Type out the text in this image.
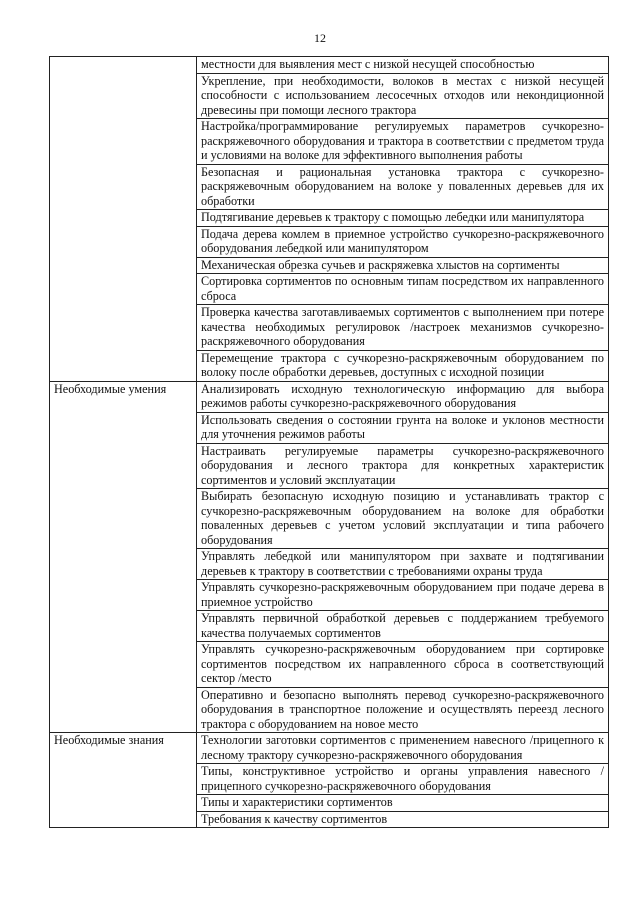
12
	местности для выявления мест с низкой несущей способностью
	Укрепление, при необходимости, волоков в местах с низкой несущей способности с использованием лесосечных отходов или некондиционной древесины при помощи лесного трактора
	Настройка/программирование регулируемых параметров сучкорезно-раскряжевочного оборудования и трактора в соответствии с предметом труда и условиями на волоке для эффективного выполнения работы
	Безопасная и рациональная установка трактора с сучкорезно-раскряжевочным оборудованием на волоке у поваленных деревьев для их обработки
	Подтягивание деревьев к трактору с помощью лебедки или манипулятора
	Подача дерева комлем в приемное устройство сучкорезно-раскряжевочного оборудования лебедкой или манипулятором
	Механическая обрезка сучьев и раскряжевка хлыстов на сортименты
	Сортировка сортиментов по основным типам посредством их направленного сброса
	Проверка качества заготавливаемых сортиментов с выполнением при потере качества необходимых регулировок /настроек механизмов сучкорезно-раскряжевочного оборудования
	Перемещение трактора с сучкорезно-раскряжевочным оборудованием по волоку после обработки деревьев, доступных с исходной позиции
Необходимые умения	Анализировать исходную технологическую информацию для выбора режимов работы сучкорезно-раскряжевочного оборудования
	Использовать сведения о состоянии грунта на волоке и уклонов местности для уточнения режимов работы
	Настраивать регулируемые параметры сучкорезно-раскряжевочного оборудования и лесного трактора для конкретных характеристик сортиментов и условий эксплуатации
	Выбирать безопасную исходную позицию и устанавливать трактор с сучкорезно-раскряжевочным оборудованием на волоке для обработки поваленных деревьев с учетом условий эксплуатации и типа рабочего оборудования
	Управлять лебедкой или манипулятором при захвате и подтягивании деревьев к трактору в соответствии с требованиями охраны труда
	Управлять сучкорезно-раскряжевочным оборудованием при подаче дерева в приемное устройство
	Управлять первичной обработкой деревьев с поддержанием требуемого качества получаемых сортиментов
	Управлять сучкорезно-раскряжевочным оборудованием при сортировке сортиментов посредством их направленного сброса в соответствующий сектор /место
	Оперативно и безопасно выполнять перевод сучкорезно-раскряжевочного оборудования в транспортное положение и осуществлять переезд лесного трактора с оборудованием на новое место
Необходимые знания	Технологии заготовки сортиментов с применением навесного /прицепного к лесному трактору сучкорезно-раскряжевочного оборудования
	Типы, конструктивное устройство и органы управления навесного /прицепного сучкорезно-раскряжевочного оборудования
	Типы и характеристики сортиментов
	Требования к качеству сортиментов
